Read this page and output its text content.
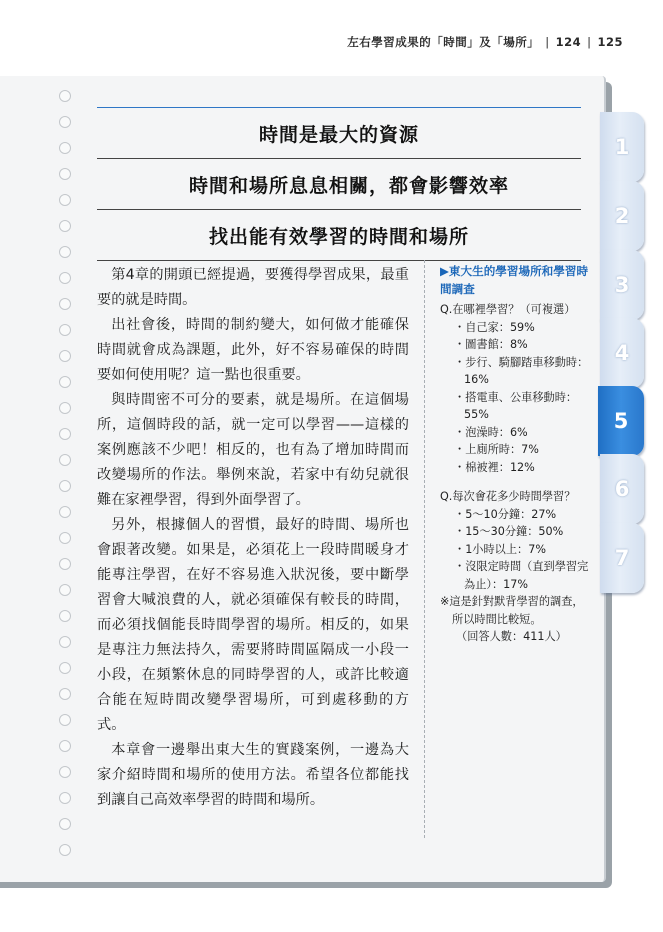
左右學習成果的「時間」及「場所」 | 124 | 125
1
2
3
4
5
6
7
時間是最大的資源
時間和場所息息相關，都會影響效率
找出能有效學習的時間和場所

第4章的開頭已經提過，要獲得學習成果，最重要的就是時間。

出社會後，時間的制約變大，如何做才能確保時間就會成為課題，此外，好不容易確保的時間要如何使用呢？這一點也很重要。

與時間密不可分的要素，就是場所。在這個場所，這個時段的話，就一定可以學習——這樣的案例應該不少吧！相反的，也有為了增加時間而改變場所的作法。舉例來說，若家中有幼兒就很難在家裡學習，得到外面學習了。

另外，根據個人的習慣，最好的時間、場所也會跟著改變。如果是，必須花上一段時間暖身才能專注學習，在好不容易進入狀況後，要中斷學習會大喊浪費的人，就必須確保有較長的時間，而必須找個能長時間學習的場所。相反的，如果是專注力無法持久，需要將時間區隔成一小段一小段，在頻繁休息的同時學習的人，或許比較適合能在短時間改變學習場所，可到處移動的方式。

本章會一邊舉出東大生的實踐案例，一邊為大家介紹時間和場所的使用方法。希望各位都能找到讓自己高效率學習的時間和場所。

▶東大生的學習場所和學習時間調查
Q.在哪裡學習？（可複選）
・自己家：59%
・圖書館：8%
・步行、騎腳踏車移動時：16%
・搭電車、公車移動時：55%
・泡澡時：6%
・上廁所時：7%
・棉被裡：12%
Q.每次會花多少時間學習？
・5〜10分鐘：27%
・15〜30分鐘：50%
・1小時以上：7%
・沒限定時間（直到學習完為止）：17%
※這是針對默背學習的調查，所以時間比較短。
（回答人數：411人）
